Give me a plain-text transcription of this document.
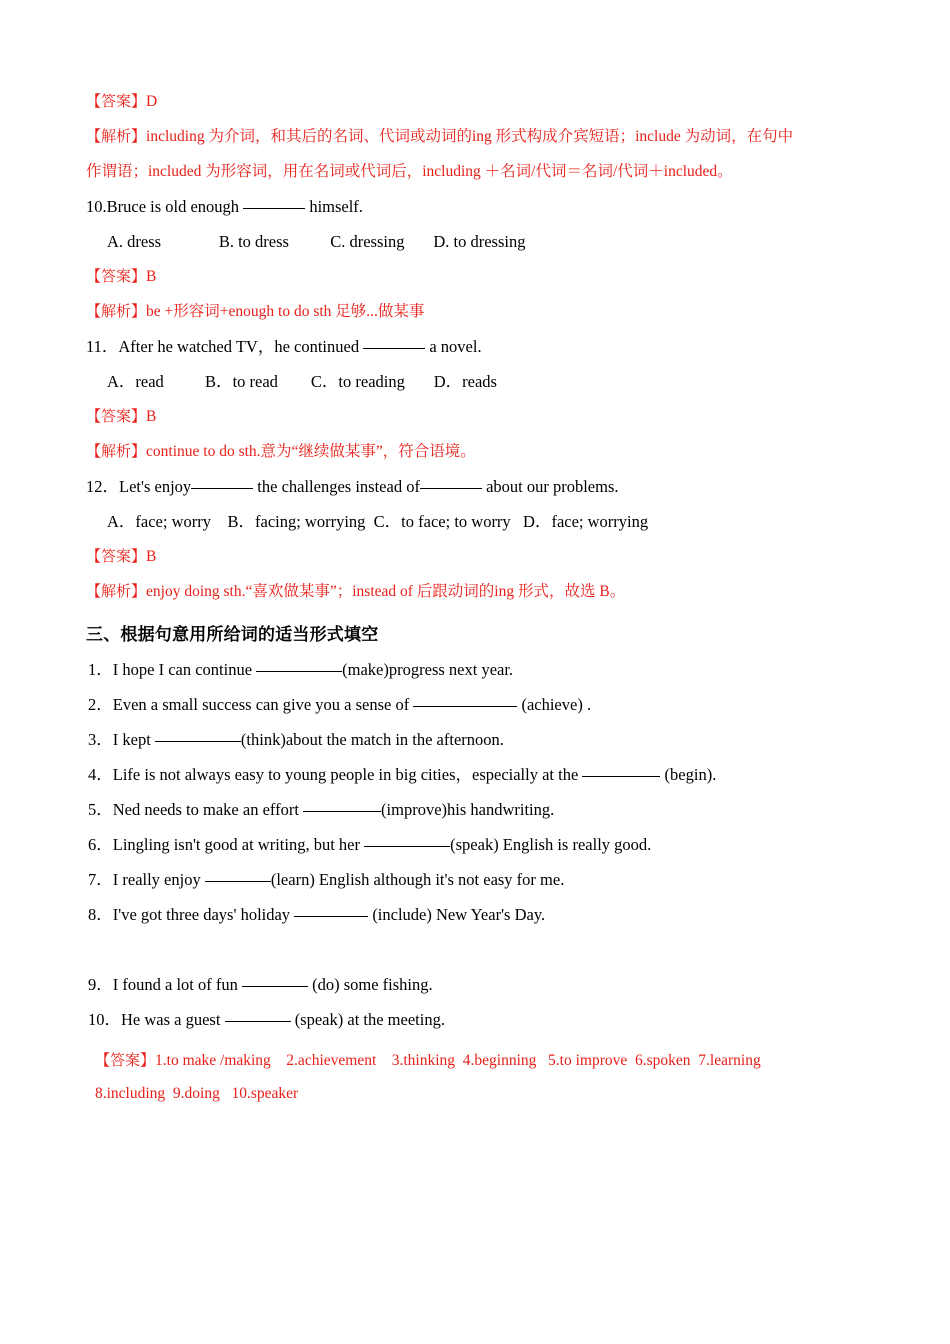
【答案】D
【解析】including 为介词，和其后的名词、代词或动词的ing 形式构成介宾短语；include 为动词，在句中
作谓语；included 为形容词，用在名词或代词后，including ＋名词/代词＝名词/代词＋included。
10.Bruce is old enough	himself.
A. dress              B. to dress          C. dressing       D. to dressing
【答案】B
【解析】be +形容词+enough to do sth 足够...做某事
11．After he watched TV，he continued	a novel.
A．read          B．to read        C．to reading       D．reads
【答案】B
【解析】continue to do sth.意为“继续做某事”，符合语境。
12．Let's enjoy	the challenges instead of	about our problems.
A．face; worry    B．facing; worrying  C．to face; to worry   D．face; worrying
【答案】B
【解析】enjoy doing sth.“喜欢做某事”；instead of 后跟动词的ing 形式，故选 B。
三、根据句意用所给词的适当形式填空
1．I hope I can continue	(make)progress next year.
2．Even a small success can give you a sense of	(achieve) .
3．I kept	(think)about the match in the afternoon.
4．Life is not always easy to young people in big cities，especially at the	(begin).
5．Ned needs to make an effort	(improve)his handwriting.
6．Lingling isn't good at writing, but her	(speak) English is really good.
7．I really enjoy	(learn) English although it's not easy for me.
8．I've got three days' holiday	(include) New Year's Day.
9．I found a lot of fun	(do) some fishing.
10．He was a guest	(speak) at the meeting.
【答案】1.to make /making    2.achievement    3.thinking  4.beginning   5.to improve  6.spoken  7.learning
8.including  9.doing   10.speaker
